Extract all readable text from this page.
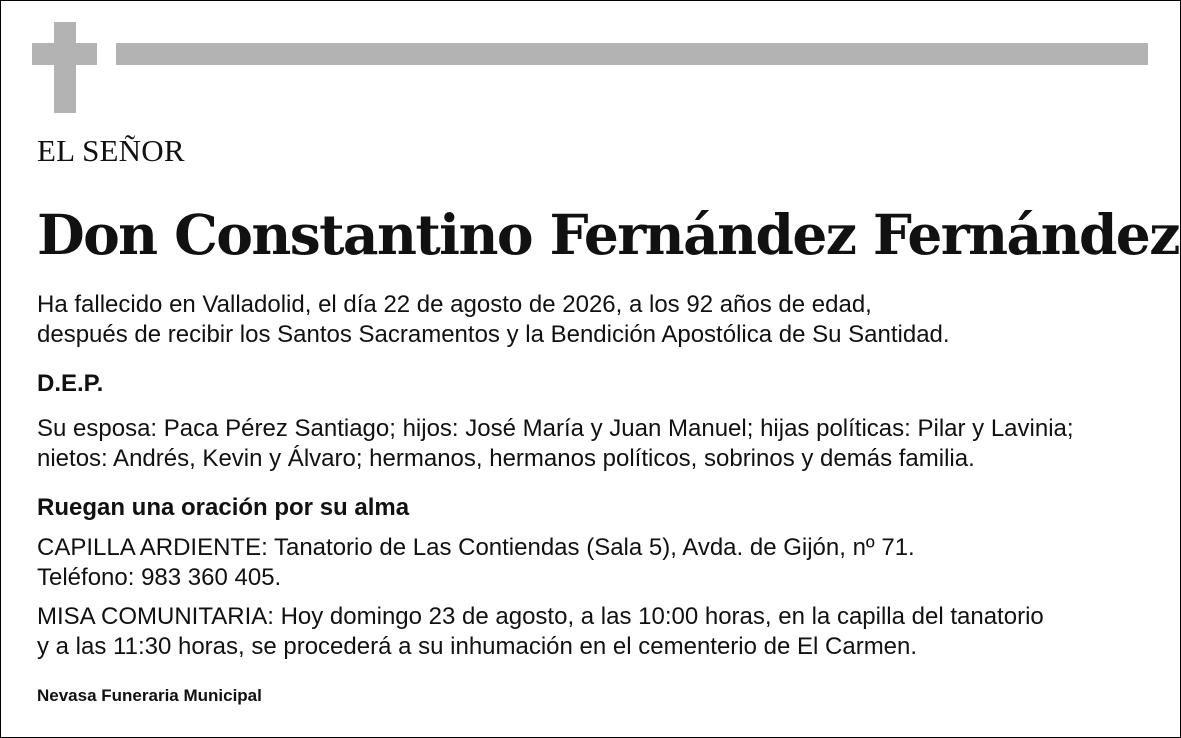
EL SEÑOR

Don Constantino Fernández Fernández

Ha fallecido en Valladolid, el día 22 de agosto de 2026, a los 92 años de edad,
después de recibir los Santos Sacramentos y la Bendición Apostólica de Su Santidad.

D.E.P.

Su esposa: Paca Pérez Santiago; hijos: José María y Juan Manuel; hijas políticas: Pilar y Lavinia;
nietos: Andrés, Kevin y Álvaro; hermanos, hermanos políticos, sobrinos y demás familia.

Ruegan una oración por su alma

CAPILLA ARDIENTE: Tanatorio de Las Contiendas (Sala 5), Avda. de Gijón, nº 71.
Teléfono: 983 360 405.

MISA COMUNITARIA: Hoy domingo 23 de agosto, a las 10:00 horas, en la capilla del tanatorio
y a las 11:30 horas, se procederá a su inhumación en el cementerio de El Carmen.

Nevasa Funeraria Municipal
